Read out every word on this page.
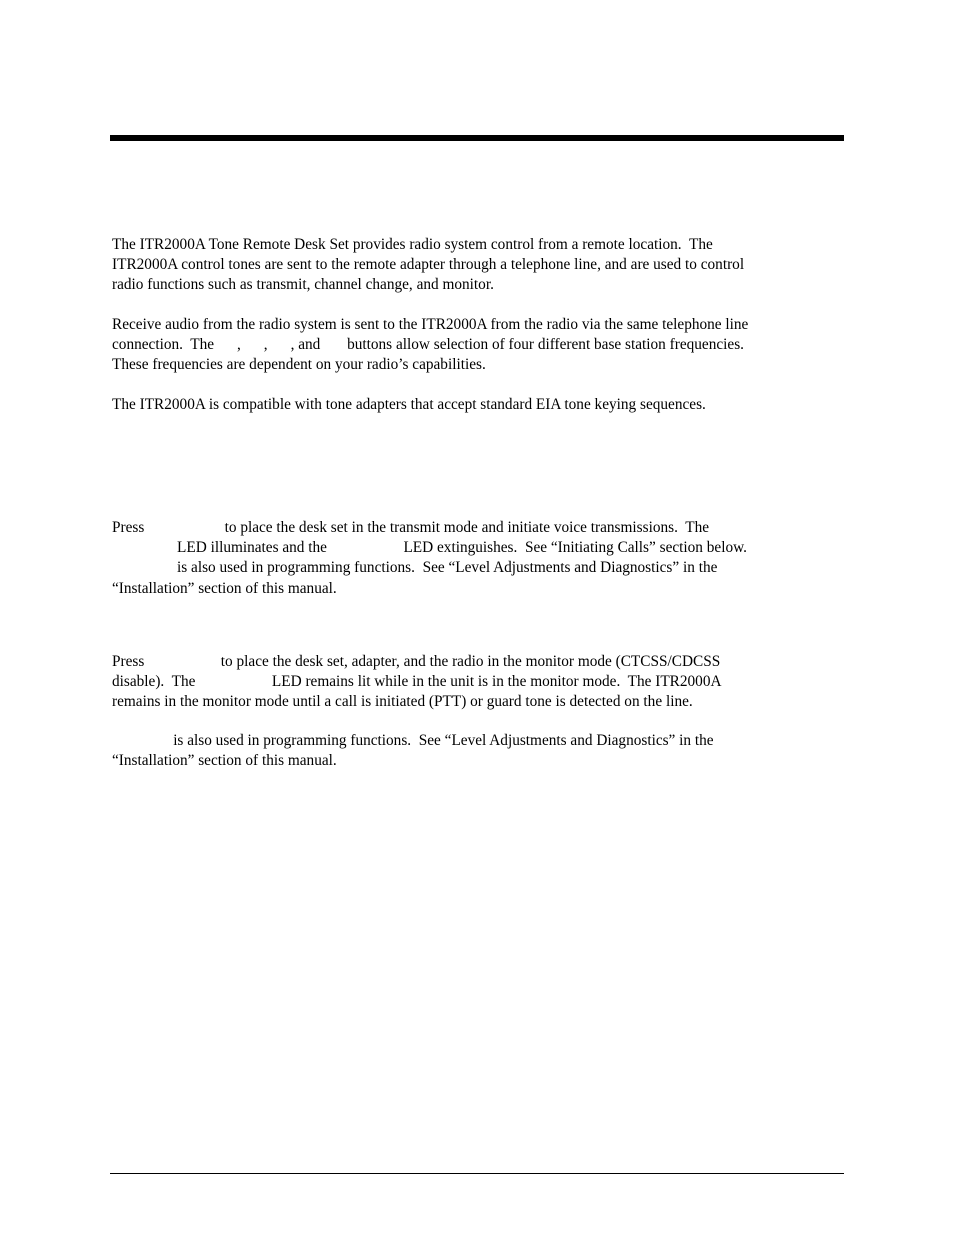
The ITR2000A Tone Remote Desk Set provides radio system control from a remote location.  The
ITR2000A control tones are sent to the remote adapter through a telephone line, and are used to control
radio functions such as transmit, channel change, and monitor.

Receive audio from the radio system is sent to the ITR2000A from the radio via the same telephone line
connection.  The      ,      ,      , and       buttons allow selection of four different base station frequencies.
These frequencies are dependent on your radio’s capabilities.

The ITR2000A is compatible with tone adapters that accept standard EIA tone keying sequences.

Press                     to place the desk set in the transmit mode and initiate voice transmissions.  The
LED illuminates and the                    LED extinguishes.  See “Initiating Calls” section below.
is also used in programming functions.  See “Level Adjustments and Diagnostics” in the
“Installation” section of this manual.

Press                    to place the desk set, adapter, and the radio in the monitor mode (CTCSS/CDCSS
disable).  The                    LED remains lit while in the unit is in the monitor mode.  The ITR2000A
remains in the monitor mode until a call is initiated (PTT) or guard tone is detected on the line.

is also used in programming functions.  See “Level Adjustments and Diagnostics” in the
“Installation” section of this manual.
